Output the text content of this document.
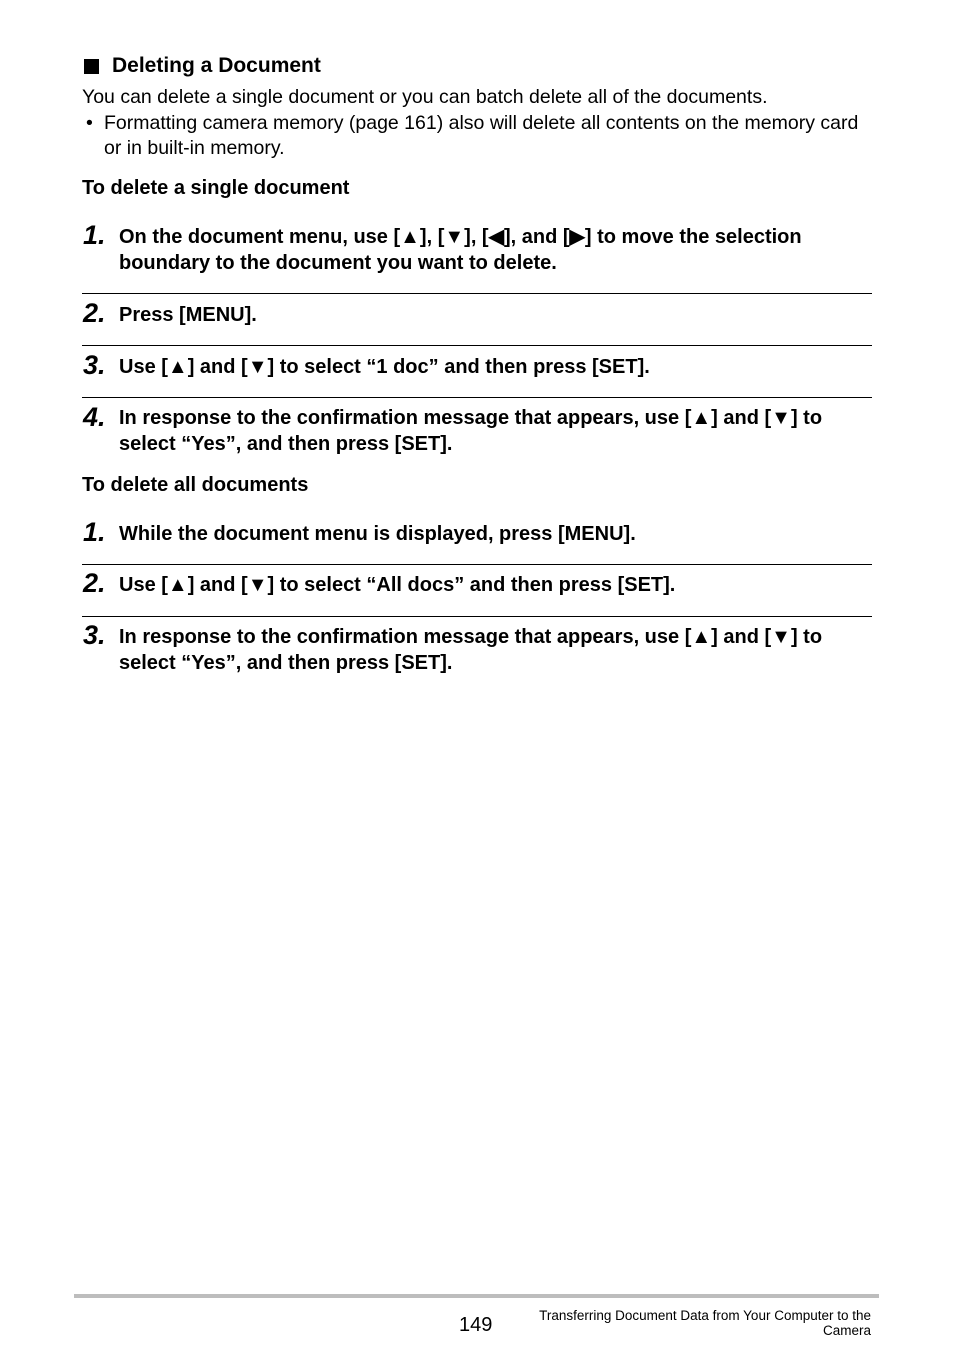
Deleting a Document
You can delete a single document or you can batch delete all of the documents.
• Formatting camera memory (page 161) also will delete all contents on the memory card or in built-in memory.
To delete a single document
1. On the document menu, use [▲], [▼], [◀], and [▶] to move the selection boundary to the document you want to delete.
2. Press [MENU].
3. Use [▲] and [▼] to select “1 doc” and then press [SET].
4. In response to the confirmation message that appears, use [▲] and [▼] to select “Yes”, and then press [SET].
To delete all documents
1. While the document menu is displayed, press [MENU].
2. Use [▲] and [▼] to select “All docs” and then press [SET].
3. In response to the confirmation message that appears, use [▲] and [▼] to select “Yes”, and then press [SET].
149	Transferring Document Data from Your Computer to the
Camera
